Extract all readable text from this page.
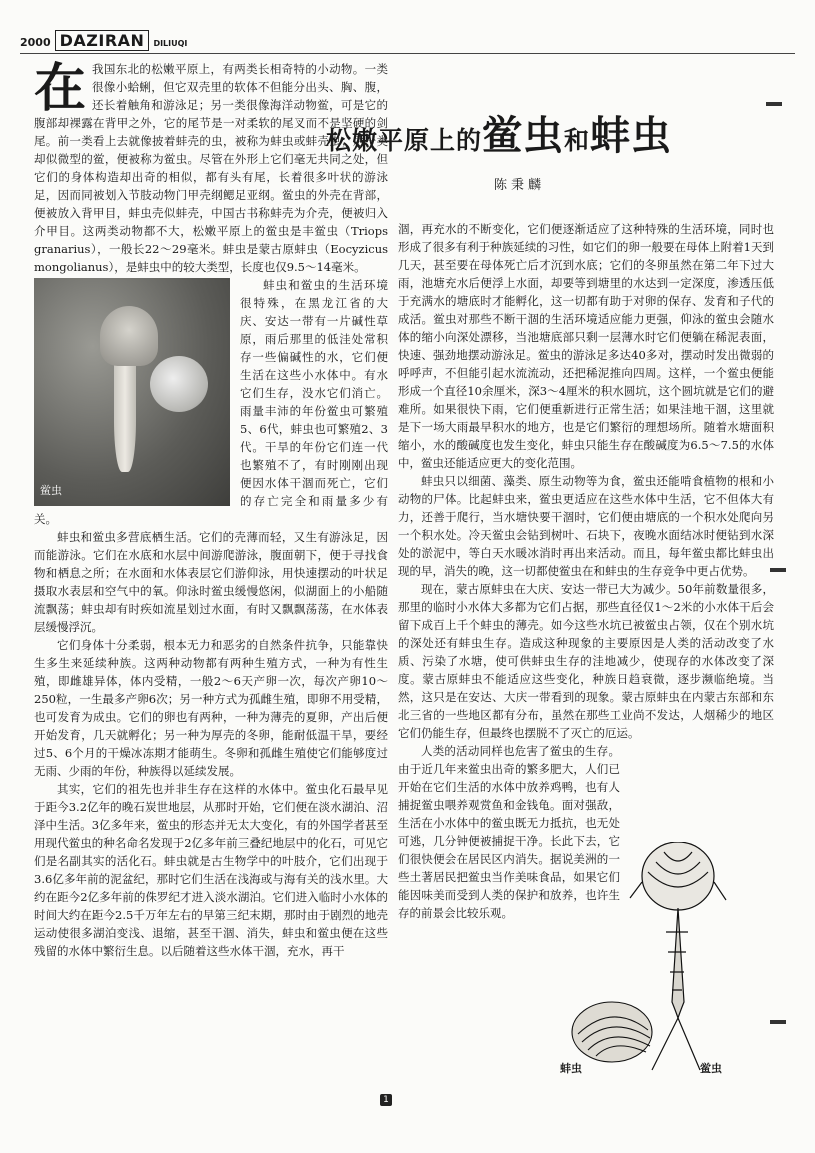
2000 DAZIRAN	DILIUQI
松嫩平原上的鲎虫和蚌虫
陈秉麟

在我国东北的松嫩平原上，有两类长相奇特的小动物。一类很像小蛤蜊，但它双壳里的软体不但能分出头、胸、腹，还长着触角和游泳足；另一类很像海洋动物鲎，可是它的腹部却裸露在背甲之外，它的尾节是一对柔软的尾叉而不是坚硬的剑尾。前一类看上去就像披着蚌壳的虫，被称为蚌虫或蚌壳虫；后一类却似微型的鲎，便被称为鲎虫。尽管在外形上它们毫无共同之处，但它们的身体构造却出奇的相似，都有头有尾，长着很多叶状的游泳足，因而同被划入节肢动物门甲壳纲鳃足亚纲。鲎虫的外壳在背部，便被放入背甲目，蚌虫壳似蚌壳，中国古书称蚌壳为介壳，便被归入介甲目。这两类动物都不大，松嫩平原上的鲎虫是丰鲎虫（Triops granarius），一般长22～29毫米。蚌虫是蒙古原蚌虫（Eocyzicus mongolianus），是蚌虫中的较大类型，长度也仅9.5～14毫米。

鲎虫

蚌虫和鲎虫的生活环境很特殊，在黑龙江省的大庆、安达一带有一片碱性草原，雨后那里的低洼处常积存一些偏碱性的水，它们便生活在这些小水体中。有水它们生存，没水它们消亡。雨量丰沛的年份鲎虫可繁殖5、6代，蚌虫也可繁殖2、3代。干旱的年份它们连一代也繁殖不了，有时刚刚出现便因水体干涸而死亡，它们的存亡完全和雨量多少有关。

蚌虫和鲎虫多营底栖生活。它们的壳薄而轻，又生有游泳足，因而能游泳。它们在水底和水层中间游爬游泳，腹面朝下，便于寻找食物和栖息之所；在水面和水体表层它们游仰泳，用快速摆动的叶状足摄取水表层和空气中的氧。仰泳时鲎虫缓慢悠闲，似湖面上的小船随流飘荡；蚌虫却有时疾如流星划过水面，有时又飘飘荡荡，在水体表层缓慢浮沉。

它们身体十分柔弱，根本无力和恶劣的自然条件抗争，只能靠快生多生来延续种族。这两种动物都有两种生殖方式，一种为有性生殖，即雌雄异体，体内受精，一般2～6天产卵一次，每次产卵10～250粒，一生最多产卵6次；另一种方式为孤雌生殖，即卵不用受精，也可发育为成虫。它们的卵也有两种，一种为薄壳的夏卵，产出后便开始发育，几天就孵化；另一种为厚壳的冬卵，能耐低温干旱，要经过5、6个月的干燥冰冻期才能萌生。冬卵和孤雌生殖使它们能够度过无雨、少雨的年份，种族得以延续发展。

其实，它们的祖先也并非生存在这样的水体中。鲎虫化石最早见于距今3.2亿年的晚石炭世地层，从那时开始，它们便在淡水湖泊、沼泽中生活。3亿多年来，鲎虫的形态并无太大变化，有的外国学者甚至用现代鲎虫的种名命名发现于2亿多年前三叠纪地层中的化石，可见它们是名副其实的活化石。蚌虫就是古生物学中的叶肢介，它们出现于3.6亿多年前的泥盆纪，那时它们生活在浅海或与海有关的浅水里。大约在距今2亿多年前的侏罗纪才进入淡水湖泊。它们进入临时小水体的时间大约在距今2.5千万年左右的早第三纪末期，那时由于剧烈的地壳运动使很多湖泊变浅、退缩，甚至干涸、消失，蚌虫和鲎虫便在这些残留的水体中繁衍生息。以后随着这些水体干涸，充水，再干

涸，再充水的不断变化，它们便逐渐适应了这种特殊的生活环境，同时也形成了很多有利于种族延续的习性，如它们的卵一般要在母体上附着1天到几天，甚至要在母体死亡后才沉到水底；它们的冬卵虽然在第二年下过大雨，池塘充水后便浮上水面，却要等到塘里的水达到一定深度，渗透压低于充满水的塘底时才能孵化，这一切都有助于对卵的保存、发育和子代的成活。鲎虫对那些不断干涸的生活环境适应能力更强，仰泳的鲎虫会随水体的缩小向深处漂移，当池塘底部只剩一层薄水时它们便躺在稀泥表面，快速、强劲地摆动游泳足。鲎虫的游泳足多达40多对，摆动时发出微弱的呼呼声，不但能引起水流流动，还把稀泥推向四周。这样，一个鲎虫便能形成一个直径10余厘米，深3～4厘米的积水圆坑，这个圆坑就是它们的避难所。如果很快下雨，它们便重新进行正常生活；如果洼地干涸，这里就是下一场大雨最早积水的地方，也是它们繁衍的理想场所。随着水塘面积缩小，水的酸碱度也发生变化，蚌虫只能生存在酸碱度为6.5～7.5的水体中，鲎虫还能适应更大的变化范围。

蚌虫只以细菌、藻类、原生动物等为食，鲎虫还能啃食植物的根和小动物的尸体。比起蚌虫来，鲎虫更适应在这些水体中生活，它不但体大有力，还善于爬行，当水塘快要干涸时，它们便由塘底的一个积水处爬向另一个积水处。冷天鲎虫会钻到树叶、石块下，夜晚水面结冰时便钻到水深处的淤泥中，等白天水暖冰消时再出来活动。而且，每年鲎虫都比蚌虫出现的早，消失的晚，这一切都使鲎虫在和蚌虫的生存竞争中更占优势。

现在，蒙古原蚌虫在大庆、安达一带已大为减少。50年前数量很多，那里的临时小水体大多都为它们占据，那些直径仅1～2米的小水体干后会留下成百上千个蚌虫的薄壳。如今这些水坑已被鲎虫占领，仅在个别水坑的深处还有蚌虫生存。造成这种现象的主要原因是人类的活动改变了水质、污染了水塘，使可供蚌虫生存的洼地减少，使现存的水体改变了深度。蒙古原蚌虫不能适应这些变化，种族日趋衰微，逐步濒临绝境。当然，这只是在安达、大庆一带看到的现象。蒙古原蚌虫在内蒙古东部和东北三省的一些地区都有分布，虽然在那些工业尚不发达，人烟稀少的地区它们仍能生存，但最终也摆脱不了灭亡的厄运。

人类的活动同样也危害了鲎虫的生存。由于近几年来鲎虫出奇的繁多肥大，人们已开始在它们生活的水体中放养鸡鸭，也有人捕捉鲎虫喂养观赏鱼和金钱龟。面对强敌，生活在小水体中的鲎虫既无力抵抗，也无处可逃，几分钟便被捕捉干净。长此下去，它们很快便会在居民区内消失。据说美洲的一些土著居民把鲎虫当作美味食品，如果它们能因味美而受到人类的保护和放养，也许生存的前景会比较乐观。

蚌虫	鲎虫
1
